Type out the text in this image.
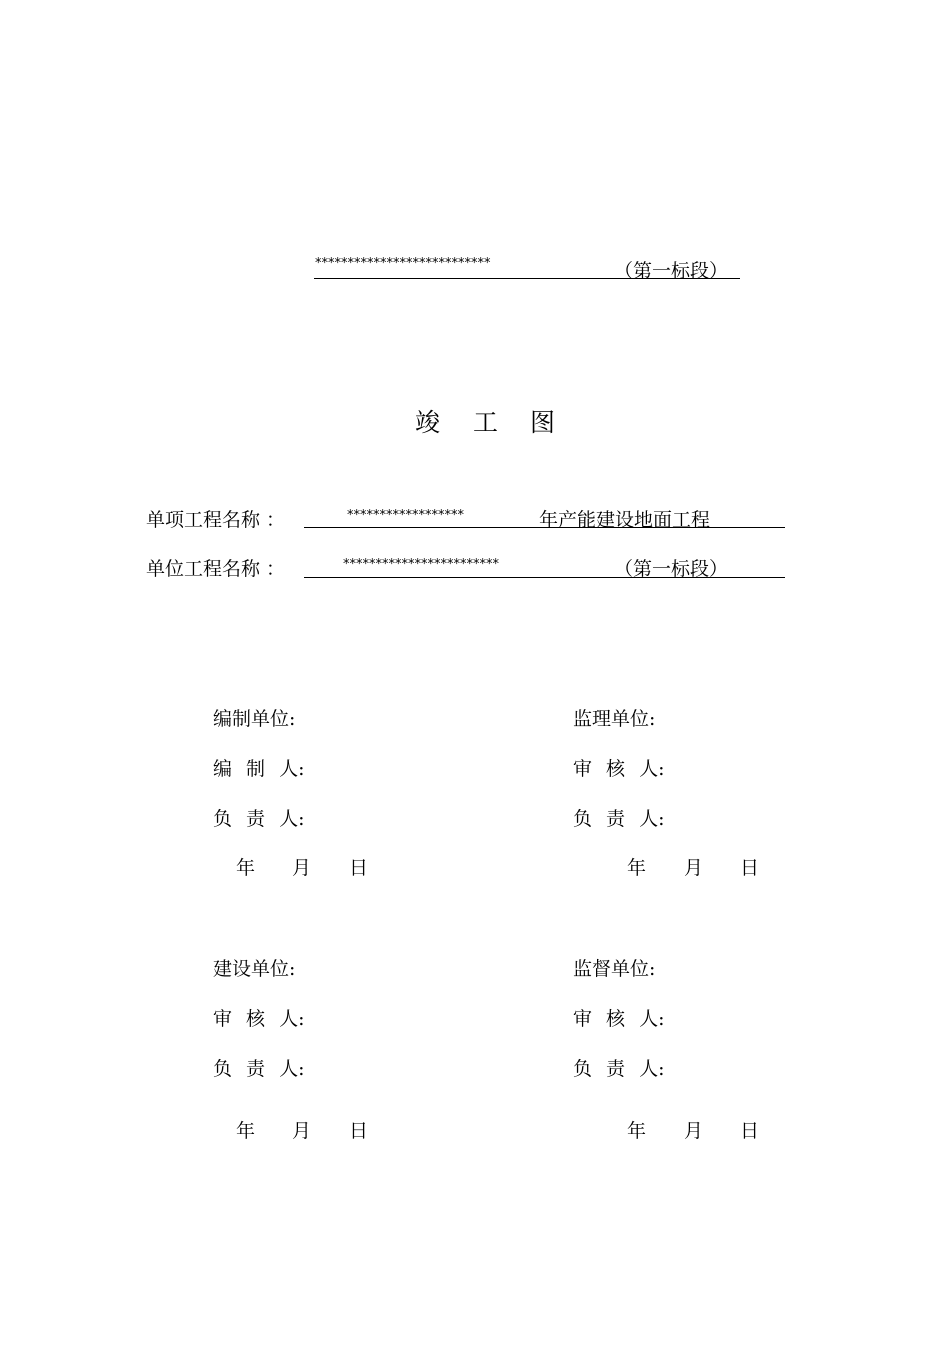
***************************	（第一标段）
竣 工 图
单项工程名称 ：	******************	年产能建设地面工程
单位工程名称 ：	************************	（第一标段）
编制单位:
编 制 人:
负 责 人:
年 月 日
监理单位:
审 核 人:
负 责 人:
年 月 日
建设单位:
审 核 人:
负 责 人:
年 月 日
监督单位:
审 核 人:
负 责 人:
年 月 日
